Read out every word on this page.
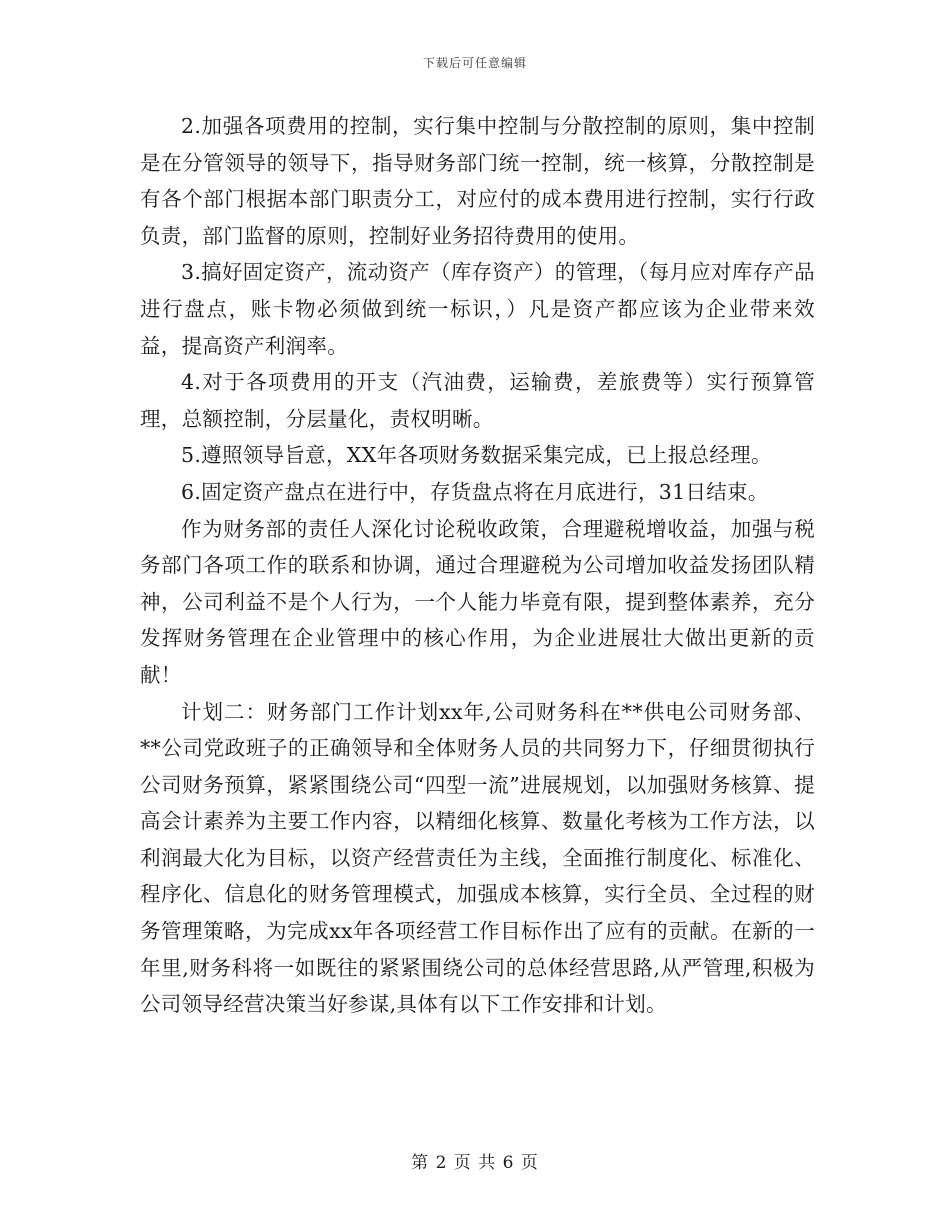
下载后可任意编辑

2.加强各项费用的控制，实行集中控制与分散控制的原则，集中控制是在分管领导的领导下，指导财务部门统一控制，统一核算，分散控制是有各个部门根据本部门职责分工，对应付的成本费用进行控制，实行行政负责，部门监督的原则，控制好业务招待费用的使用。

3.搞好固定资产，流动资产（库存资产）的管理，（每月应对库存产品进行盘点，账卡物必须做到统一标识，）凡是资产都应该为企业带来效益，提高资产利润率。

4.对于各项费用的开支（汽油费，运输费，差旅费等）实行预算管理，总额控制，分层量化，责权明晰。

5.遵照领导旨意，XX年各项财务数据采集完成，已上报总经理。

6.固定资产盘点在进行中，存货盘点将在月底进行，31日结束。

作为财务部的责任人深化讨论税收政策，合理避税增收益，加强与税务部门各项工作的联系和协调，通过合理避税为公司增加收益发扬团队精神，公司利益不是个人行为，一个人能力毕竟有限，提到整体素养，充分发挥财务管理在企业管理中的核心作用，为企业进展壮大做出更新的贡献！

计划二：财务部门工作计划xx年,公司财务科在**供电公司财务部、**公司党政班子的正确领导和全体财务人员的共同努力下，仔细贯彻执行公司财务预算，紧紧围绕公司“四型一流”进展规划，以加强财务核算、提高会计素养为主要工作内容，以精细化核算、数量化考核为工作方法，以利润最大化为目标，以资产经营责任为主线，全面推行制度化、标准化、程序化、信息化的财务管理模式，加强成本核算，实行全员、全过程的财务管理策略，为完成xx年各项经营工作目标作出了应有的贡献。在新的一年里,财务科将一如既往的紧紧围绕公司的总体经营思路,从严管理,积极为公司领导经营决策当好参谋,具体有以下工作安排和计划。

第 2 页 共 6 页
